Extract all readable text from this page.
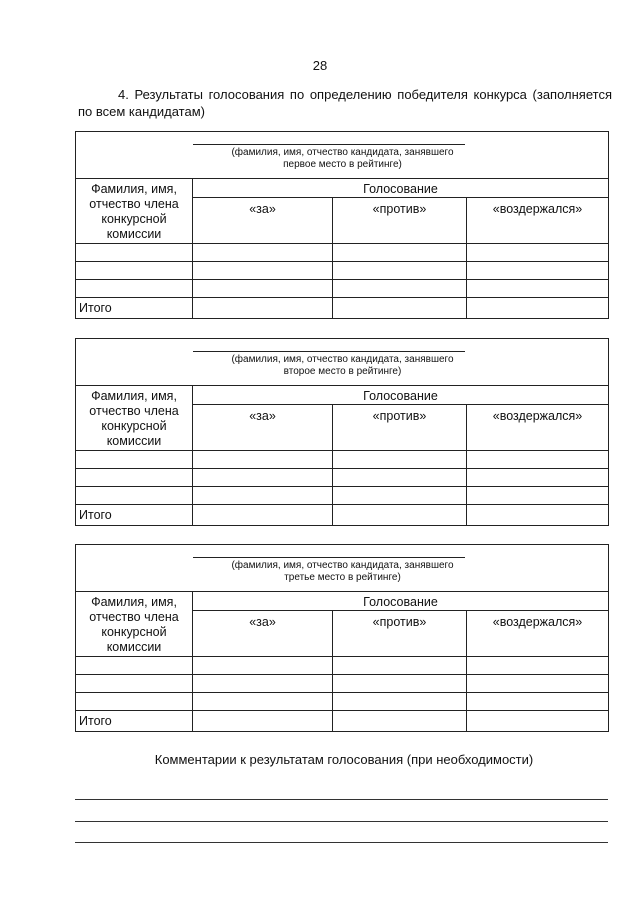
28
4. Результаты голосования по определению победителя конкурса (заполняется по всем кандидатам)
(фамилия, имя, отчество кандидата, занявшего
первое место в рейтинге)			

Фамилия, имя, отчество члена конкурсной комиссии	Голосование		
	«за»	«против»	«воздержался»

Итого			
(фамилия, имя, отчество кандидата, занявшего
второе место в рейтинге)			

Фамилия, имя, отчество члена конкурсной комиссии	Голосование		
	«за»	«против»	«воздержался»

Итого			
(фамилия, имя, отчество кандидата, занявшего
третье место в рейтинге)			

Фамилия, имя, отчество члена конкурсной комиссии	Голосование		
	«за»	«против»	«воздержался»

Итого			
Комментарии к результатам голосования (при необходимости)
